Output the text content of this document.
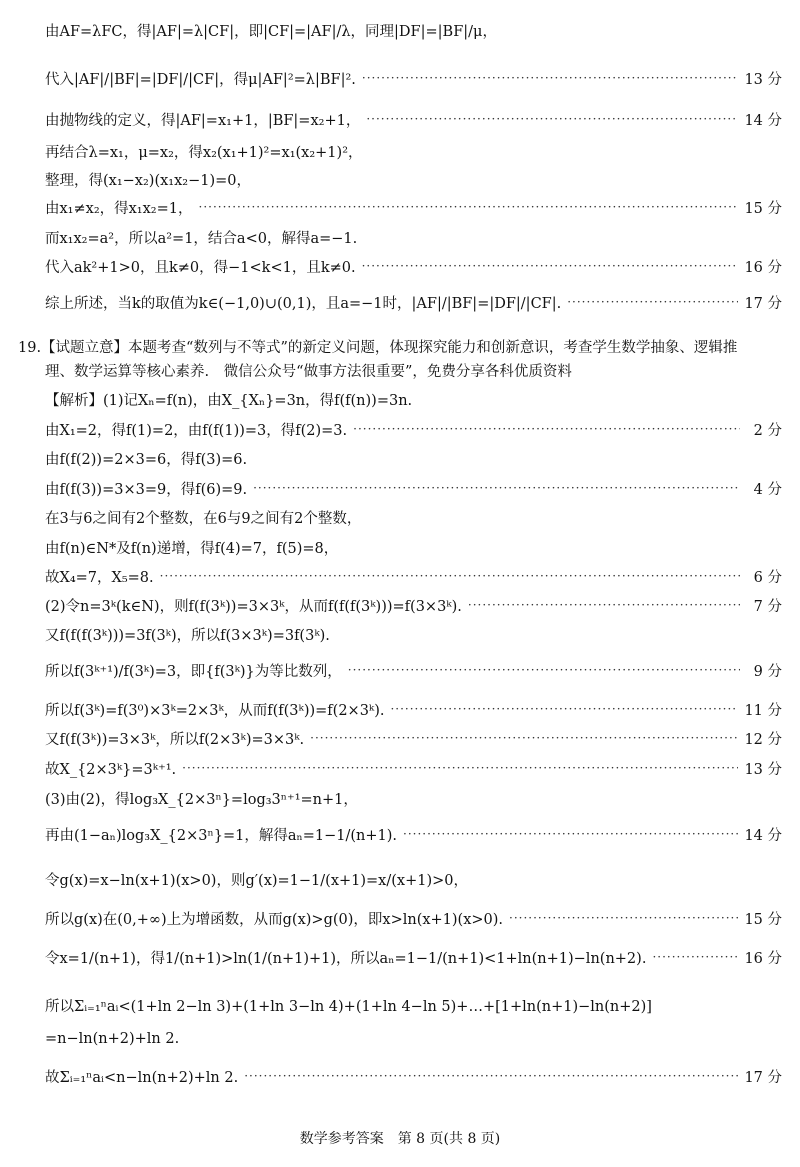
由AF=λFC，得|AF|=λ|CF|，即|CF|=|AF|/λ，同理|DF|=|BF|/μ，
代入|AF|/|BF|=|DF|/|CF|，得μ|AF|²=λ|BF|². ·····	13 分
由抛物线的定义，得|AF|=x₁+1，|BF|=x₂+1， ·····	14 分
再结合λ=x₁，μ=x₂，得x₂(x₁+1)²=x₁(x₂+1)²，
整理，得(x₁−x₂)(x₁x₂−1)=0，
由x₁≠x₂，得x₁x₂=1， ·····	15 分
而x₁x₂=a²，所以a²=1，结合a<0，解得a=−1.
代入ak²+1>0，且k≠0，得−1<k<1，且k≠0. ·····	16 分
综上所述，当k的取值为k∈(−1,0)∪(0,1)，且a=−1时，|AF|/|BF|=|DF|/|CF|. ·····	17 分
19.【试题立意】本题考查“数列与不等式”的新定义问题，体现探究能力和创新意识，考查学生数学抽象、逻辑推
理、数学运算等核心素养.　微信公众号“做事方法很重要”，免费分享各科优质资料
【解析】(1)记Xₙ=f(n)，由X_{Xₙ}=3n，得f(f(n))=3n.
由X₁=2，得f(1)=2，由f(f(1))=3，得f(2)=3. ·····	2 分
由f(f(2))=2×3=6，得f(3)=6.
由f(f(3))=3×3=9，得f(6)=9. ·····	4 分
在3与6之间有2个整数，在6与9之间有2个整数，
由f(n)∈N*及f(n)递增，得f(4)=7，f(5)=8，
故X₄=7，X₅=8. ·····	6 分
(2)令n=3ᵏ(k∈N)，则f(f(3ᵏ))=3×3ᵏ，从而f(f(f(3ᵏ)))=f(3×3ᵏ). ·····	7 分
又f(f(f(3ᵏ)))=3f(3ᵏ)，所以f(3×3ᵏ)=3f(3ᵏ).
所以f(3ᵏ⁺¹)/f(3ᵏ)=3，即{f(3ᵏ)}为等比数列， ·····	9 分
所以f(3ᵏ)=f(3⁰)×3ᵏ=2×3ᵏ，从而f(f(3ᵏ))=f(2×3ᵏ). ·····	11 分
又f(f(3ᵏ))=3×3ᵏ，所以f(2×3ᵏ)=3×3ᵏ. ·····	12 分
故X_{2×3ᵏ}=3ᵏ⁺¹. ·····	13 分
(3)由(2)，得log₃X_{2×3ⁿ}=log₃3ⁿ⁺¹=n+1，
再由(1−aₙ)log₃X_{2×3ⁿ}=1，解得aₙ=1−1/(n+1). ·····	14 分
令g(x)=x−ln(x+1)(x>0)，则g′(x)=1−1/(x+1)=x/(x+1)>0，
所以g(x)在(0,+∞)上为增函数，从而g(x)>g(0)，即x>ln(x+1)(x>0). ·····	15 分
令x=1/(n+1)，得1/(n+1)>ln(1/(n+1)+1)，所以aₙ=1−1/(n+1)<1+ln(n+1)−ln(n+2). ·····	16 分
所以Σᵢ₌₁ⁿaᵢ<(1+ln 2−ln 3)+(1+ln 3−ln 4)+(1+ln 4−ln 5)+…+[1+ln(n+1)−ln(n+2)]
=n−ln(n+2)+ln 2.
故Σᵢ₌₁ⁿaᵢ<n−ln(n+2)+ln 2. ·····	17 分
数学参考答案　第 8 页(共 8 页)
